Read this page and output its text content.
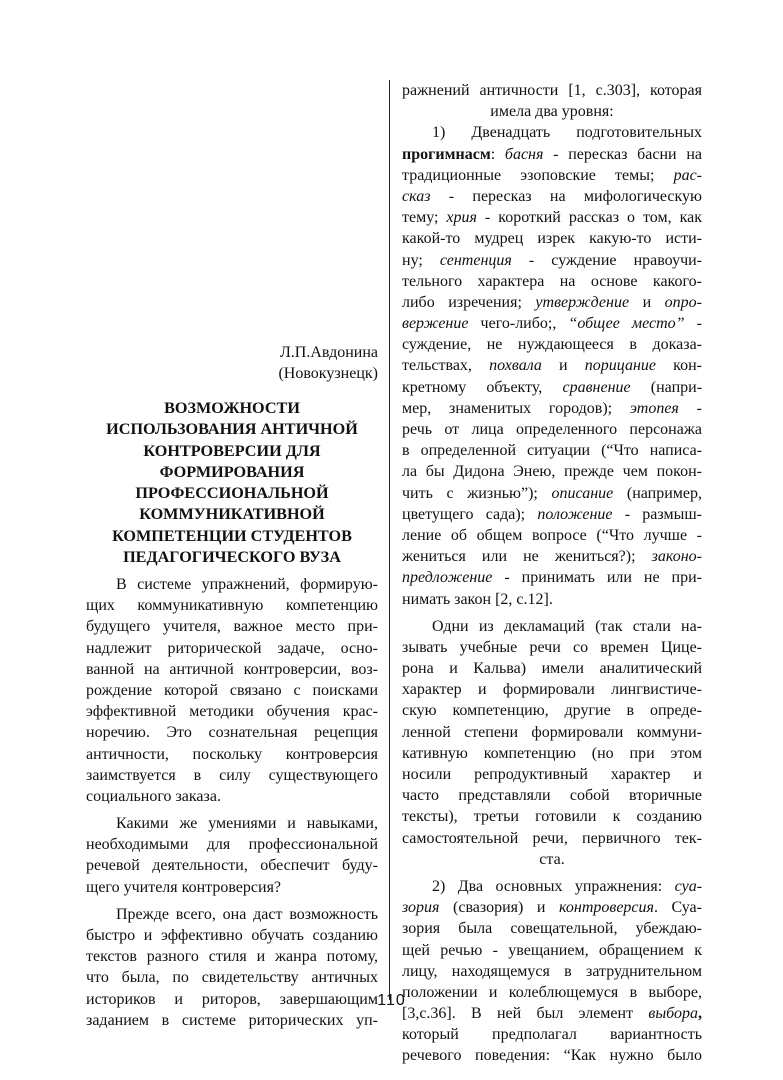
Л.П.Авдонина
(Новокузнецк)
ВОЗМОЖНОСТИ
ИСПОЛЬЗОВАНИЯ АНТИЧНОЙ
КОНТРОВЕРСИИ ДЛЯ
ФОРМИРОВАНИЯ
ПРОФЕССИОНАЛЬНОЙ
КОММУНИКАТИВНОЙ
КОМПЕТЕНЦИИ СТУДЕНТОВ
ПЕДАГОГИЧЕСКОГО ВУЗА
В системе упражнений, формирую-
щих коммуникативную компетенцию
будущего учителя, важное место при-
надлежит риторической задаче, осно-
ванной на античной контроверсии, воз-
рождение которой связано с поисками
эффективной методики обучения крас-
норечию. Это сознательная рецепция
античности, поскольку контроверсия
заимствуется в силу существующего
социального заказа.
Какими же умениями и навыками,
необходимыми для профессиональной
речевой деятельности, обеспечит буду-
щего учителя контроверсия?
Прежде всего, она даст возможность
быстро и эффективно обучать созданию
текстов разного стиля и жанра потому,
что была, по свидетельству античных
историков и риторов, завершающим
заданием в системе риторических уп-
ражнений античности [1, с.303], которая
имела два уровня:
1) Двенадцать подготовительных
прогимнасм: басня - пересказ басни на
традиционные эзоповские темы; рас-
сказ - пересказ на мифологическую
тему; хрия - короткий рассказ о том, как
какой-то мудрец изрек какую-то исти-
ну; сентенция - суждение нравоучи-
тельного характера на основе какого-
либо изречения; утверждение и опро-
вержение чего-либо;, “общее место” -
суждение, не нуждающееся в доказа-
тельствах, похвала и порицание кон-
кретному объекту, сравнение (напри-
мер, знаменитых городов); этопея -
речь от лица определенного персонажа
в определенной ситуации (“Что написа-
ла бы Дидона Энею, прежде чем покон-
чить с жизнью”); описание (например,
цветущего сада); положение - размыш-
ление об общем вопросе (“Что лучше -
жениться или не жениться?); законо-
предложение - принимать или не при-
нимать закон [2, с.12].
Одни из декламаций (так стали на-
зывать учебные речи со времен Цице-
рона и Кальва) имели аналитический
характер и формировали лингвистиче-
скую компетенцию, другие в опреде-
ленной степени формировали коммуни-
кативную компетенцию (но при этом
носили репродуктивный характер и
часто представляли собой вторичные
тексты), третьи готовили к созданию
самостоятельной речи, первичного тек-
ста.
2) Два основных упражнения: суа-
зория (свазория) и контроверсия. Суа-
зория была совещательной, убеждаю-
щей речью - увещанием, обращением к
лицу, находящемуся в затруднительном
положении и колеблющемуся в выборе,
[3,с.36]. В ней был элемент выбора,
который предполагал вариантность
речевого поведения: “Как нужно было
110
